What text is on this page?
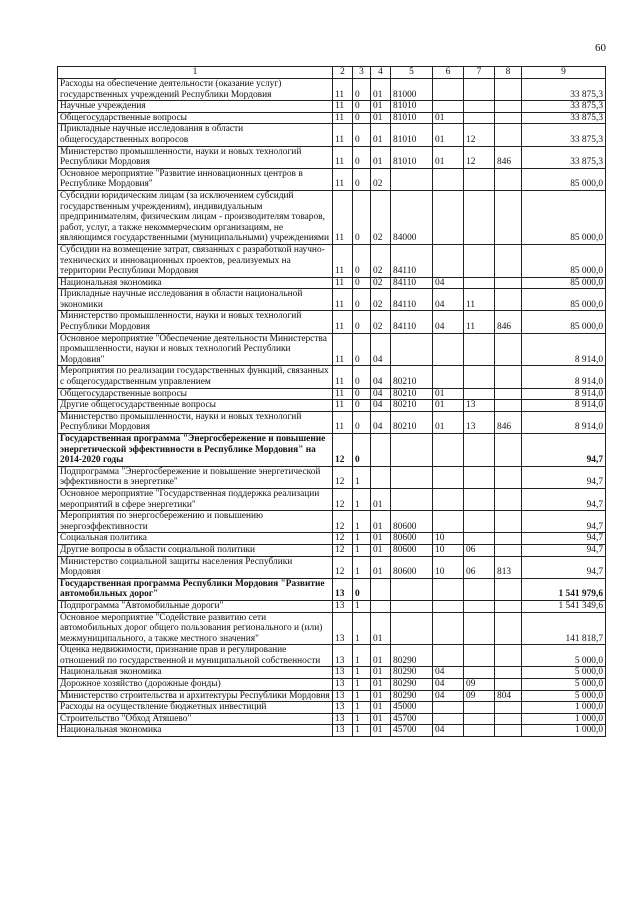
60
1	2	3	4	5	6	7	8	9
Расходы на обеспечение деятельности (оказание услуг) государственных учреждений Республики Мордовия	11	0	01	81000				33 875,3
Научные учреждения	11	0	01	81010				33 875,3
Общегосударственные вопросы	11	0	01	81010	01			33 875,3
Прикладные научные исследования в области общегосударственных вопросов	11	0	01	81010	01	12		33 875,3
Министерство промышленности, науки и новых технологий Республики Мордовия	11	0	01	81010	01	12	846	33 875,3
Основное мероприятие "Развитие инновационных центров в Республике Мордовия"	11	0	02					85 000,0
Субсидии юридическим лицам (за исключением субсидий государственным учреждениям), индивидуальным предпринимателям, физическим лицам - производителям товаров, работ, услуг, а также некоммерческим организациям, не являющимся государственными (муниципальными) учреждениями	11	0	02	84000				85 000,0
Субсидии на возмещение затрат, связанных с разработкой научно-технических и инновационных проектов, реализуемых на территории Республики Мордовия	11	0	02	84110				85 000,0
Национальная экономика	11	0	02	84110	04			85 000,0
Прикладные научные исследования в области национальной экономики	11	0	02	84110	04	11		85 000,0
Министерство промышленности, науки и новых технологий Республики Мордовия	11	0	02	84110	04	11	846	85 000,0
Основное мероприятие "Обеспечение деятельности Министерства промышленности, науки и новых технологий Республики Мордовия"	11	0	04					8 914,0
Мероприятия по реализации государственных функций, связанных с общегосударственным управлением	11	0	04	80210				8 914,0
Общегосударственные вопросы	11	0	04	80210	01			8 914,0
Другие общегосударственные вопросы	11	0	04	80210	01	13		8 914,0
Министерство промышленности, науки и новых технологий Республики Мордовия	11	0	04	80210	01	13	846	8 914,0
Государственная программа "Энергосбережение и повышение энергетической эффективности в Республике Мордовия" на 2014-2020 годы	12	0						94,7
Подпрограмма "Энергосбережение и повышение энергетической эффективности в энергетике"	12	1						94,7
Основное мероприятие "Государственная поддержка реализации мероприятий в сфере энергетики"	12	1	01					94,7
Мероприятия по энергосбережению и повышению энергоэффективности	12	1	01	80600				94,7
Социальная политика	12	1	01	80600	10			94,7
Другие вопросы в области социальной политики	12	1	01	80600	10	06		94,7
Министерство социальной защиты населения Республики Мордовия	12	1	01	80600	10	06	813	94,7
Государственная программа Республики Мордовия "Развитие автомобильных дорог"	13	0						1 541 979,6
Подпрограмма "Автомобильные дороги"	13	1						1 541 349,6
Основное мероприятие "Содействие развитию сети автомобильных дорог общего пользования регионального и (или) межмуниципального, а также местного значения"	13	1	01					141 818,7
Оценка недвижимости, признание прав и регулирование отношений по государственной и муниципальной собственности	13	1	01	80290				5 000,0
Национальная экономика	13	1	01	80290	04			5 000,0
Дорожное хозяйство (дорожные фонды)	13	1	01	80290	04	09		5 000,0
Министерство строительства и архитектуры Республики Мордовия	13	1	01	80290	04	09	804	5 000,0
Расходы на осуществление бюджетных инвестиций	13	1	01	45000				1 000,0
Строительство "Обход Атяшево"	13	1	01	45700				1 000,0
Национальная экономика	13	1	01	45700	04			1 000,0
